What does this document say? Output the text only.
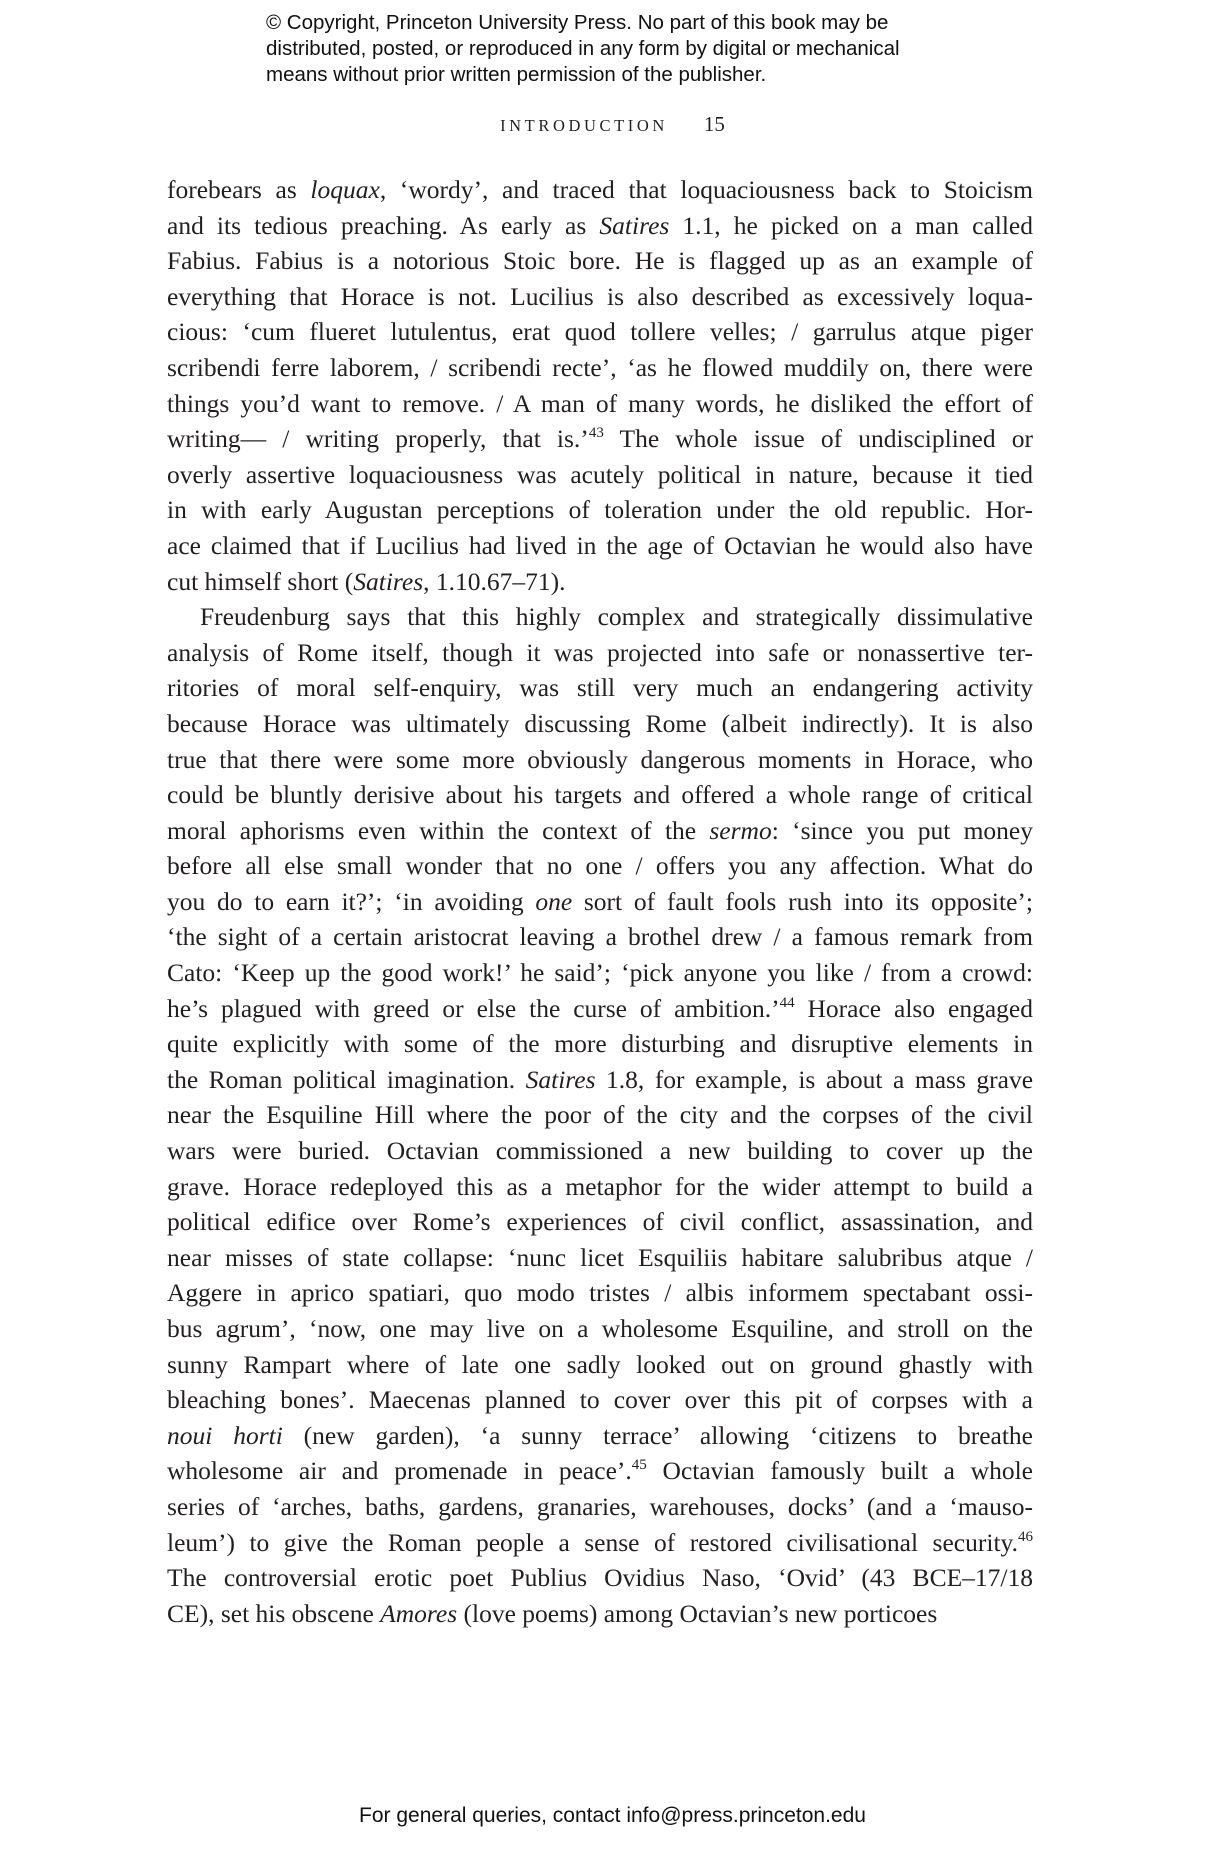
© Copyright, Princeton University Press. No part of this book may be
distributed, posted, or reproduced in any form by digital or mechanical
means without prior written permission of the publisher.
INTRODUCTION 15
forebears as loquax, ‘wordy’, and traced that loquaciousness back to Stoicism
and its tedious preaching. As early as Satires 1.1, he picked on a man called
Fabius. Fabius is a notorious Stoic bore. He is flagged up as an example of
everything that Horace is not. Lucilius is also described as excessively loqua-
cious: ‘cum flueret lutulentus, erat quod tollere velles; / garrulus atque piger
scribendi ferre laborem, / scribendi recte’, ‘as he flowed muddily on, there were
things you’d want to remove. / A man of many words, he disliked the effort of
writing— / writing properly, that is.’$^{43}$ The whole issue of undisciplined or
overly assertive loquaciousness was acutely political in nature, because it tied
in with early Augustan perceptions of toleration under the old republic. Hor-
ace claimed that if Lucilius had lived in the age of Octavian he would also have
cut himself short (Satires, 1.10.67–71).
Freudenburg says that this highly complex and strategically dissimulative
analysis of Rome itself, though it was projected into safe or nonassertive ter-
ritories of moral self-enquiry, was still very much an endangering activity
because Horace was ultimately discussing Rome (albeit indirectly). It is also
true that there were some more obviously dangerous moments in Horace, who
could be bluntly derisive about his targets and offered a whole range of critical
moral aphorisms even within the context of the sermo: ‘since you put money
before all else small wonder that no one / offers you any affection. What do
you do to earn it?’; ‘in avoiding one sort of fault fools rush into its opposite’;
‘the sight of a certain aristocrat leaving a brothel drew / a famous remark from
Cato: ‘Keep up the good work!’ he said’; ‘pick anyone you like / from a crowd:
he’s plagued with greed or else the curse of ambition.’$^{44}$ Horace also engaged
quite explicitly with some of the more disturbing and disruptive elements in
the Roman political imagination. Satires 1.8, for example, is about a mass grave
near the Esquiline Hill where the poor of the city and the corpses of the civil
wars were buried. Octavian commissioned a new building to cover up the
grave. Horace redeployed this as a metaphor for the wider attempt to build a
political edifice over Rome’s experiences of civil conflict, assassination, and
near misses of state collapse: ‘nunc licet Esquiliis habitare salubribus atque /
Aggere in aprico spatiari, quo modo tristes / albis informem spectabant ossi-
bus agrum’, ‘now, one may live on a wholesome Esquiline, and stroll on the
sunny Rampart where of late one sadly looked out on ground ghastly with
bleaching bones’. Maecenas planned to cover over this pit of corpses with a
noui horti (new garden), ‘a sunny terrace’ allowing ‘citizens to breathe
wholesome air and promenade in peace’.$^{45}$ Octavian famously built a whole
series of ‘arches, baths, gardens, granaries, warehouses, docks’ (and a ‘mauso-
leum’) to give the Roman people a sense of restored civilisational security.$^{46}$
The controversial erotic poet Publius Ovidius Naso, ‘Ovid’ (43 BCE–17/18
CE), set his obscene Amores (love poems) among Octavian’s new porticoes
For general queries, contact info@press.princeton.edu
